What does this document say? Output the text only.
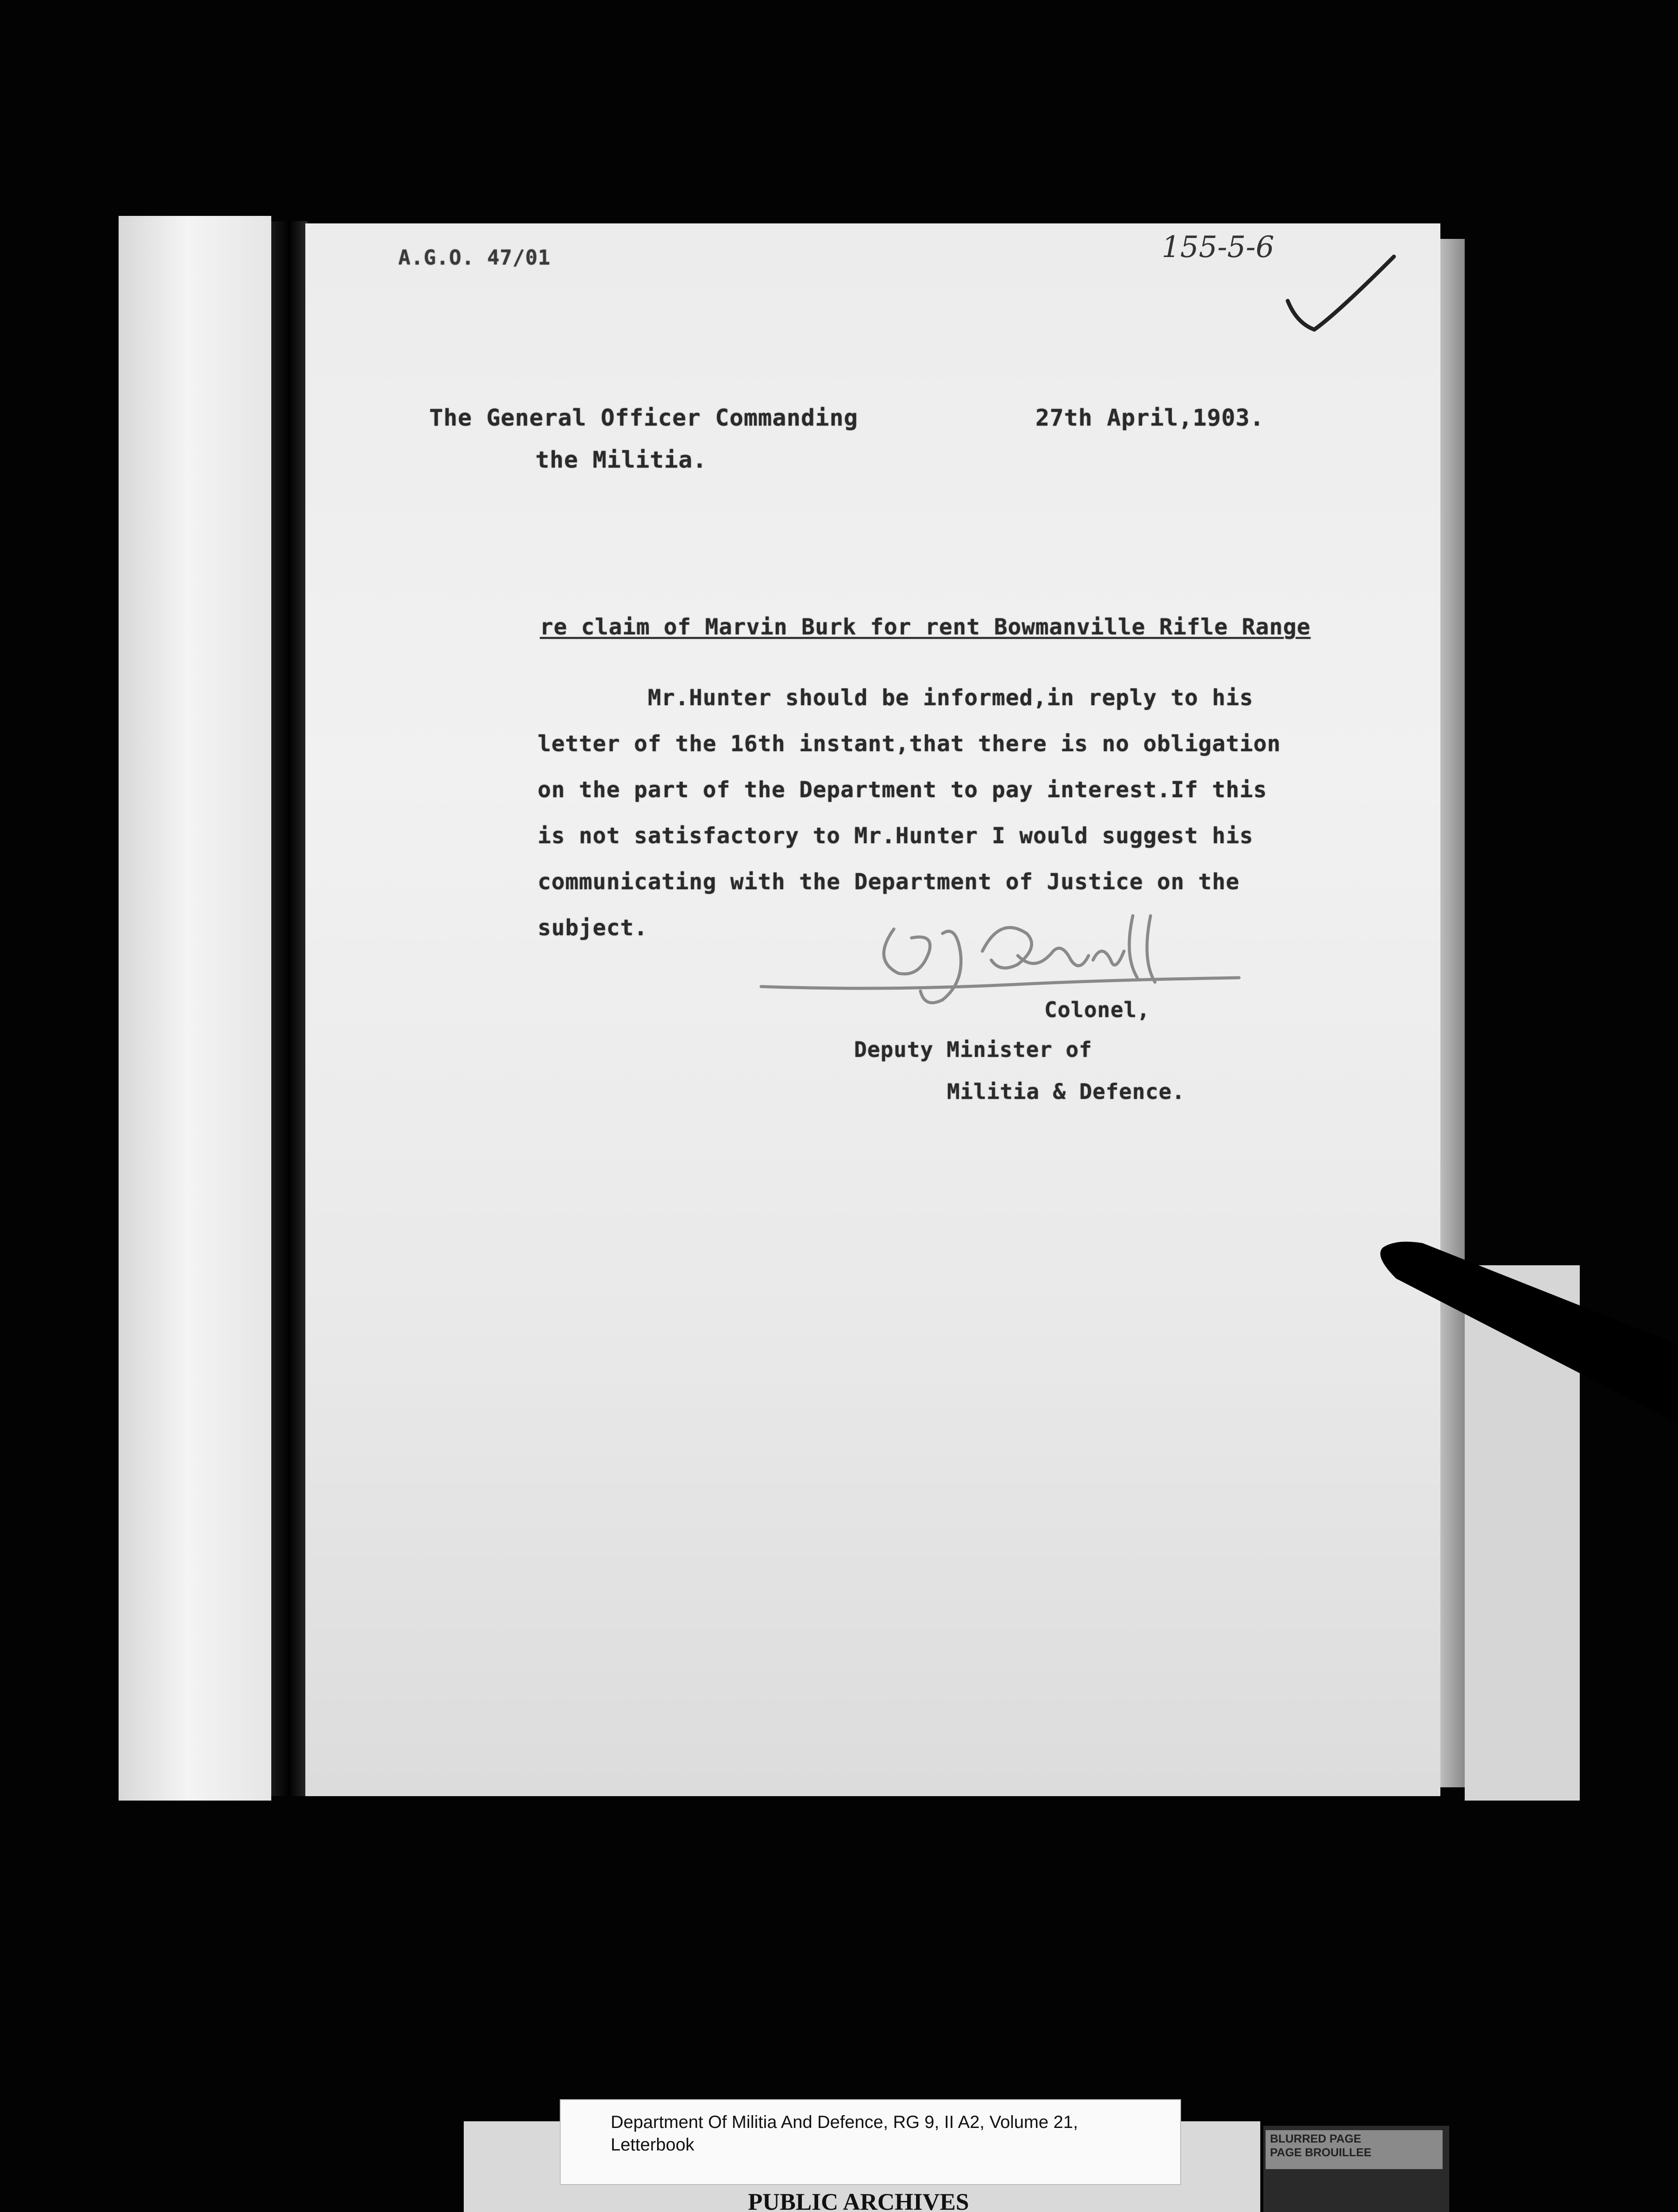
A.G.O. 47/01	155-5-6
The General Officer Commanding
the Militia.
27th April,1903.
re claim of Marvin Burk for rent Bowmanville Rifle Range

Mr.Hunter should be informed,in reply to his

letter of the 16th instant,that there is no obligation

on the part of the Department to pay interest.If this

is not satisfactory to Mr.Hunter I would suggest his

communicating with the Department of Justice on the

subject.

Colonel,
Deputy Minister of
Militia & Defence.
Department Of Militia And Defence, RG 9, II A2, Volume 21,
Letterbook
PUBLIC ARCHIVES
BLURRED PAGE
PAGE BROUILLEE
